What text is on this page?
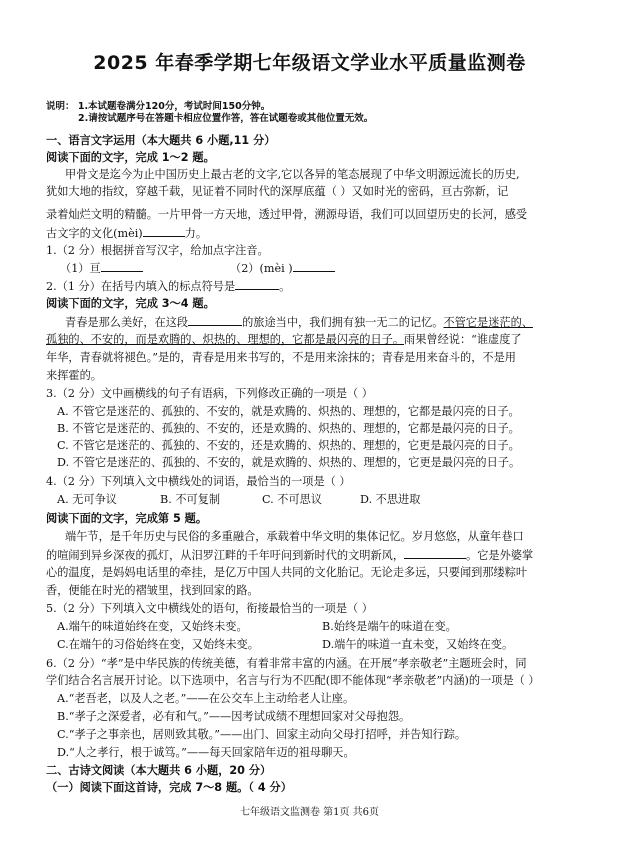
2025 年春季学期七年级语文学业水平质量监测卷
说明： 1.本试题卷满分120分，考试时间150分钟。
2.请按试题序号在答题卡相应位置作答，答在试题卷或其他位置无效。
一、语言文字运用（本大题共 6 小题,11 分）
阅读下面的文字，完成 1～2 题。
甲骨文是迄今为止中国历史上最古老的文字,它以各异的笔态展现了中华文明源远流长的历史,
犹如大地的指纹，穿越千载，见证着不同时代的深厚底蕴（ ）又如时光的密码，亘古弥新，记
录着灿烂文明的精髓。一片甲骨一方天地，透过甲骨，溯源母语，我们可以回望历史的长河，感受
古文字的文化(mèi)	力。
1.（2 分）根据拼音写汉字，给加点字注音。
（1）亘	（2）(mèi )
2.（1 分）在括号内填入的标点符号是	。
阅读下面的文字，完成 3～4 题。
青春是那么美好，在这段	的旅途当中，我们拥有独一无二的记忆。不管它是迷茫的、
孤独的、不安的，而是欢腾的、炽热的、理想的，它都是最闪亮的日子。雨果曾经说：“谁虚度了
年华，青春就将褪色。”是的，青春是用来书写的，不是用来涂抹的；青春是用来奋斗的，不是用
来挥霍的。
3.（2 分）文中画横线的句子有语病，下列修改正确的一项是（ ）
A. 不管它是迷茫的、孤独的、不安的，就是欢腾的、炽热的、理想的，它都是最闪亮的日子。
B. 不管它是迷茫的、孤独的、不安的，还是欢腾的、炽热的、理想的，它都是最闪亮的日子。
C. 不管它是迷茫的、孤独的、不安的，还是欢腾的、炽热的、理想的，它更是最闪亮的日子。
D. 不管它是迷茫的、孤独的、不安的，就是欢腾的、炽热的、理想的，它更是最闪亮的日子。
4.（2 分）下列填入文中横线处的词语，最恰当的一项是（ ）
A. 无可争议	B. 不可复制	C. 不可思议	D. 不思进取
阅读下面的文字，完成第 5 题。
端午节，是千年历史与民俗的多重融合，承载着中华文明的集体记忆。岁月悠悠，从童年巷口
的喧闹到异乡深夜的孤灯，从汨罗江畔的千年吁问到新时代的文明新风，	。它是外婆掌
心的温度，是妈妈电话里的牵挂，是亿万中国人共同的文化胎记。无论走多远，只要闻到那缕粽叶
香，便能在时光的褶皱里，找到回家的路。
5.（2 分）下列填入文中横线处的语句，衔接最恰当的一项是（ ）
A.端午的味道始终在变，又始终未变。	B.始终是端午的味道在变。
C.在端午的习俗始终在变，又始终未变。	D.端午的味道一直未变，又始终在变。
6.（2 分）“孝”是中华民族的传统美德，有着非常丰富的内涵。在开展“孝亲敬老”主题班会时，同
学们结合名言展开讨论。以下选项中，名言与行为不匹配(即不能体现“孝亲敬老”内涵)的一项是（ ）
A.“老吾老，以及人之老。”——在公交车上主动给老人让座。
B.“孝子之深爱者，必有和气。”——因考试成绩不理想回家对父母抱怨。
C.“孝子之事亲也，居则致其敬。”——出门、回家主动向父母打招呼，并告知行踪。
D.“人之孝行，根于诚笃。”——每天回家陪年迈的祖母聊天。
二、古诗文阅读（本大题共 6 小题，20 分）
（一）阅读下面这首诗，完成 7～8 题。（ 4 分）
七年级语文监测卷 第1页 共6页
